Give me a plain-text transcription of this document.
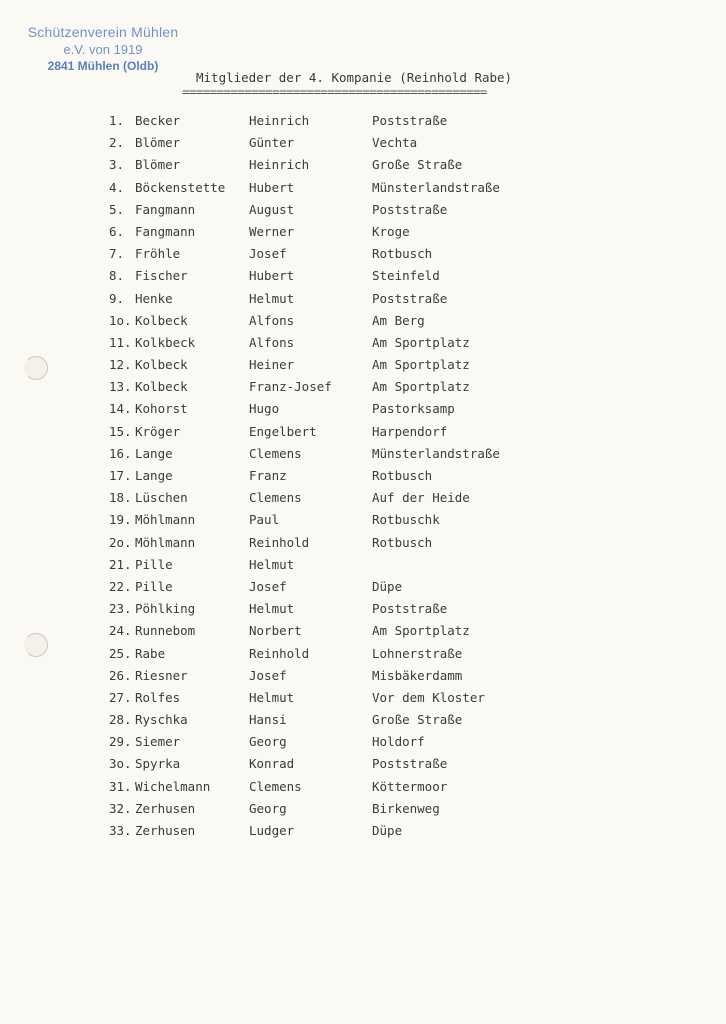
Schützenverein Mühlen
e.V. von 1919
2841 Mühlen (Oldb)
Mitglieder der 4. Kompanie (Reinhold Rabe)
============================================
1. Becker	Heinrich	Poststraße
2. Blömer	Günter	Vechta
3. Blömer	Heinrich	Große Straße
4. Böckenstette Hubert	Münsterlandstraße
5. Fangmann	August	Poststraße
6. Fangmann	Werner	Kroge
7. Fröhle	Josef	Rotbusch
8. Fischer	Hubert	Steinfeld
9. Henke	Helmut	Poststraße
1o. Kolbeck	Alfons	Am Berg
11. Kolkbeck	Alfons	Am Sportplatz
12. Kolbeck	Heiner	Am Sportplatz
13. Kolbeck	Franz-Josef	Am Sportplatz
14. Kohorst	Hugo	Pastorksamp
15. Kröger	Engelbert	Harpendorf
16. Lange	Clemens	Münsterlandstraße
17. Lange	Franz	Rotbusch
18. Lüschen	Clemens	Auf der Heide
19. Möhlmann	Paul	Rotbuschk
2o. Möhlmann	Reinhold	Rotbusch
21. Pille	Helmut
22. Pille	Josef	Düpe
23. Pöhlking	Helmut	Poststraße
24. Runnebom	Norbert	Am Sportplatz
25. Rabe	Reinhold	Lohnerstraße
26. Riesner	Josef	Misbäkerdamm
27. Rolfes	Helmut	Vor dem Kloster
28. Ryschka	Hansi	Große Straße
29. Siemer	Georg	Holdorf
3o. Spyrka	Konrad	Poststraße
31. Wichelmann	Clemens	Köttermoor
32. Zerhusen	Georg	Birkenweg
33. Zerhusen	Ludger	Düpe
